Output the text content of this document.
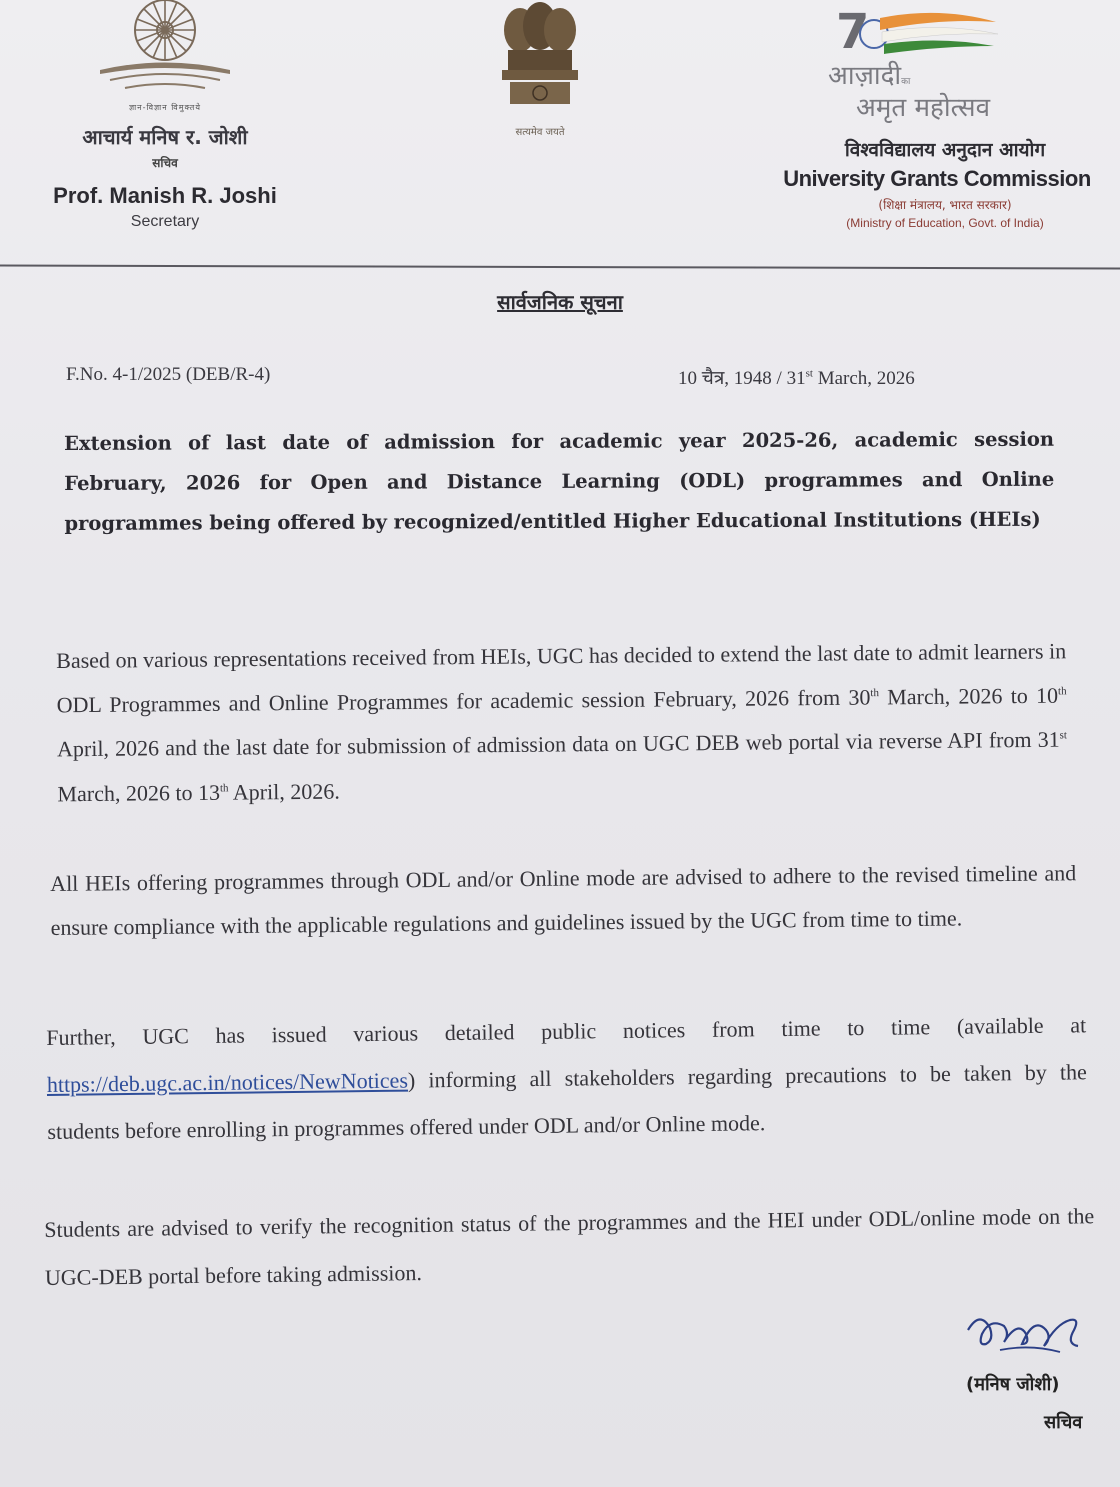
ज्ञान-विज्ञान विमुक्तये
आचार्य मनिष र. जोशी
सचिव
Prof. Manish R. Joshi
Secretary
सत्यमेव जयते
7
आज़ादीका
अमृत महोत्सव
विश्वविद्यालय अनुदान आयोग
University Grants Commission
(शिक्षा मंत्रालय, भारत सरकार)
(Ministry of Education, Govt. of India)
सार्वजनिक सूचना
F.No. 4-1/2025 (DEB/R-4)	10 चैत्र, 1948 / 31st March, 2026
Extension of last date of admission for academic year 2025-26, academic session February, 2026 for Open and Distance Learning (ODL) programmes and Online programmes being offered by recognized/entitled Higher Educational Institutions (HEIs)
Based on various representations received from HEIs, UGC has decided to extend the last date to admit learners in ODL Programmes and Online Programmes for academic session February, 2026 from 30th March, 2026 to 10th April, 2026 and the last date for submission of admission data on UGC DEB web portal via reverse API from 31st March, 2026 to 13th April, 2026.
All HEIs offering programmes through ODL and/or Online mode are advised to adhere to the revised timeline and ensure compliance with the applicable regulations and guidelines issued by the UGC from time to time.
Further, UGC has issued various detailed public notices from time to time (available at https://deb.ugc.ac.in/notices/NewNotices) informing all stakeholders regarding precautions to be taken by the students before enrolling in programmes offered under ODL and/or Online mode.
Students are advised to verify the recognition status of the programmes and the HEI under ODL/online mode on the UGC-DEB portal before taking admission.
(मनिष जोशी)
सचिव
